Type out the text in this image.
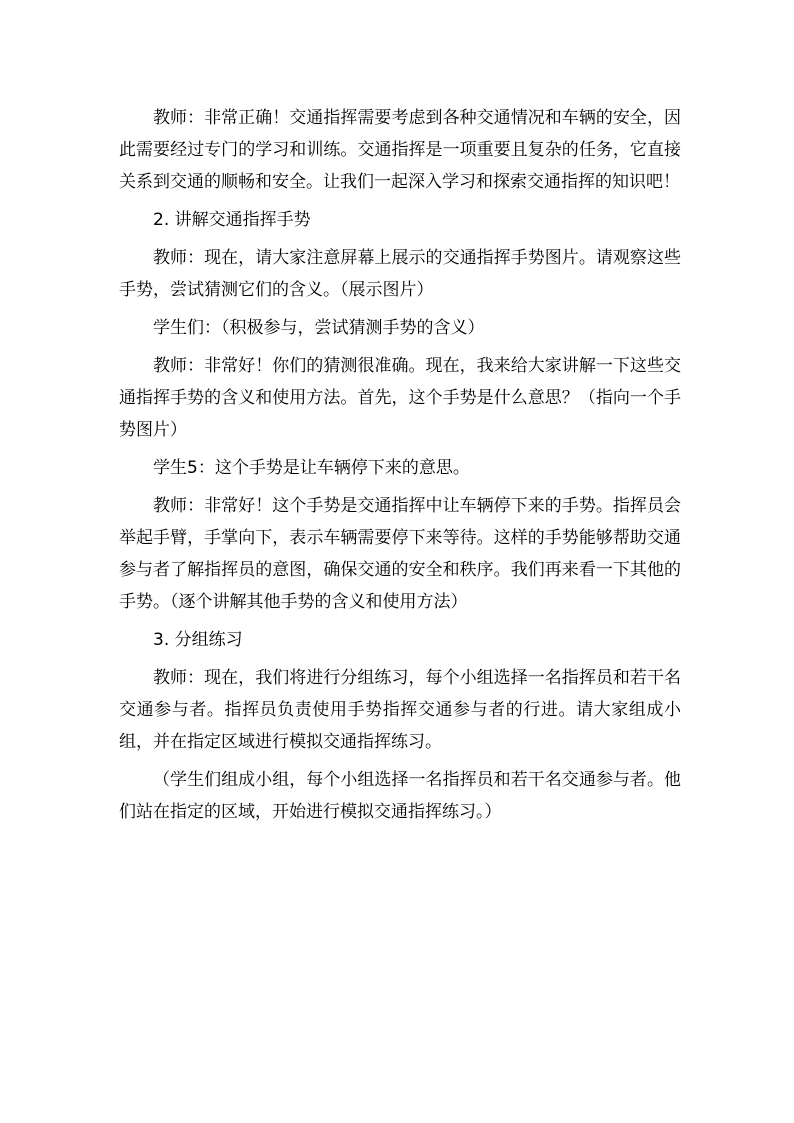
教师：非常正确！交通指挥需要考虑到各种交通情况和车辆的安全，因此需要经过专门的学习和训练。交通指挥是一项重要且复杂的任务，它直接关系到交通的顺畅和安全。让我们一起深入学习和探索交通指挥的知识吧！

2. 讲解交通指挥手势

教师：现在，请大家注意屏幕上展示的交通指挥手势图片。请观察这些手势，尝试猜测它们的含义。（展示图片）

学生们：（积极参与，尝试猜测手势的含义）

教师：非常好！你们的猜测很准确。现在，我来给大家讲解一下这些交通指挥手势的含义和使用方法。首先，这个手势是什么意思？（指向一个手势图片）

学生5：这个手势是让车辆停下来的意思。

教师：非常好！这个手势是交通指挥中让车辆停下来的手势。指挥员会举起手臂，手掌向下，表示车辆需要停下来等待。这样的手势能够帮助交通参与者了解指挥员的意图，确保交通的安全和秩序。我们再来看一下其他的手势。（逐个讲解其他手势的含义和使用方法）

3. 分组练习

教师：现在，我们将进行分组练习，每个小组选择一名指挥员和若干名交通参与者。指挥员负责使用手势指挥交通参与者的行进。请大家组成小组，并在指定区域进行模拟交通指挥练习。

（学生们组成小组，每个小组选择一名指挥员和若干名交通参与者。他们站在指定的区域，开始进行模拟交通指挥练习。）
